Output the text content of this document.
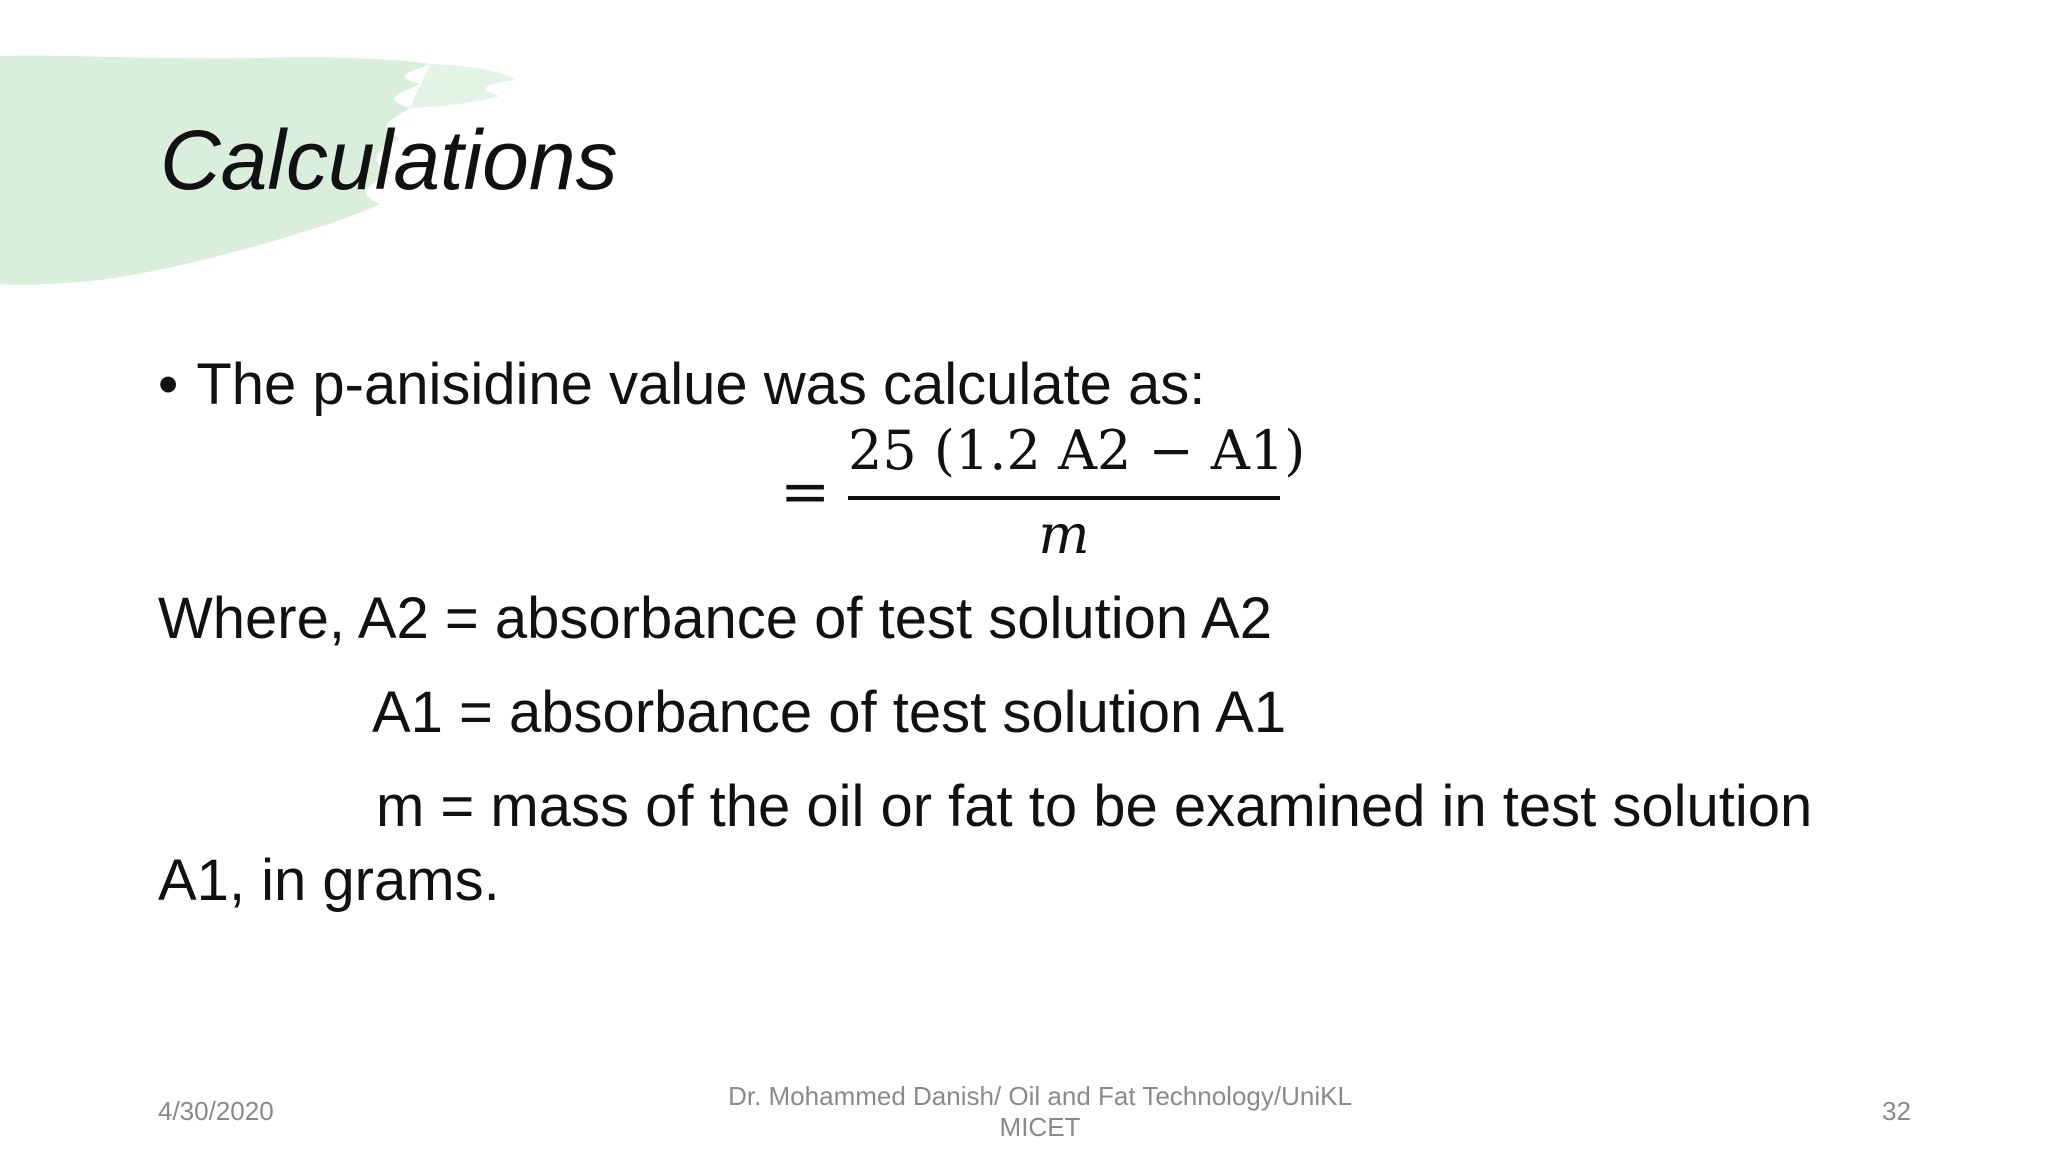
Calculations
• The p-anisidine value was calculate as:
=
25 (1.2 A2 − A1)
m
Where, A2 = absorbance of test solution A2
A1 = absorbance of test solution A1
m = mass of the oil or fat to be examined in test solution
A1, in grams.
4/30/2020	Dr. Mohammed Danish/ Oil and Fat Technology/UniKL
MICET
32
